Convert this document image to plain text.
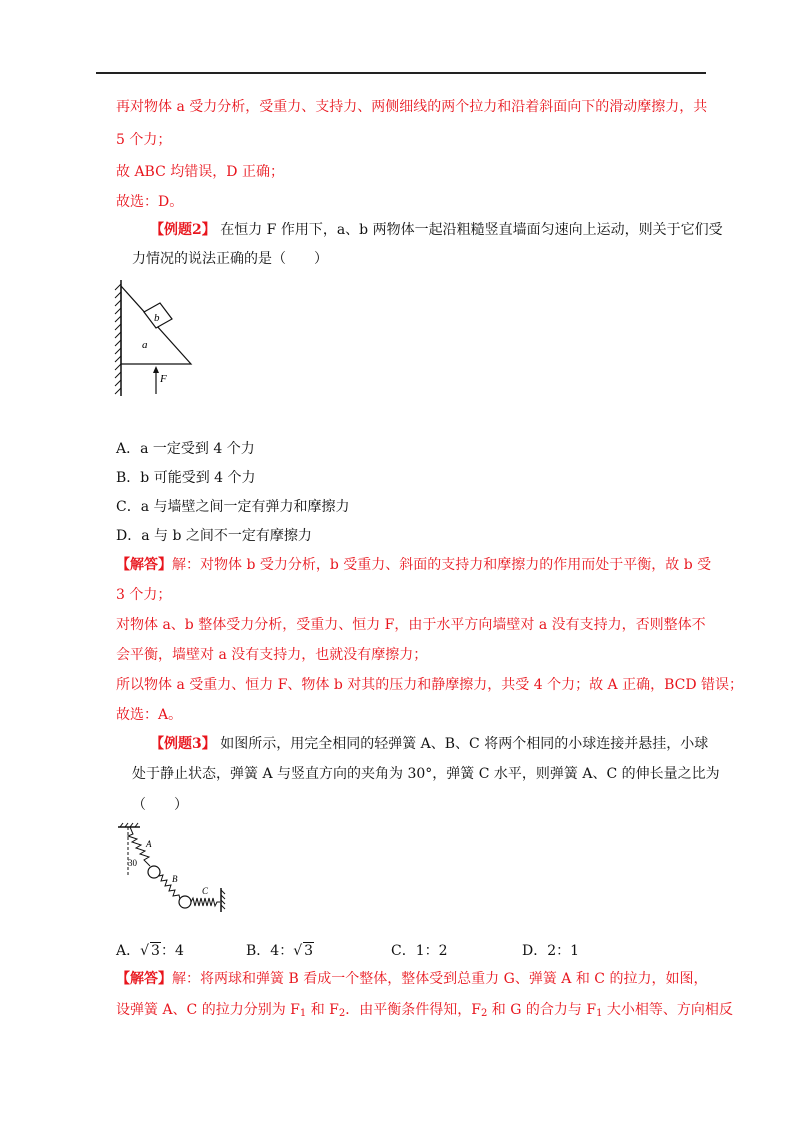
再对物体 a 受力分析，受重力、支持力、两侧细线的两个拉力和沿着斜面向下的滑动摩擦力，共
5 个力；
故 ABC 均错误，D 正确；
故选：D。
【例题2】 在恒力 F 作用下，a、b 两物体一起沿粗糙竖直墙面匀速向上运动，则关于它们受
力情况的说法正确的是（　　）
b
a
F
A．a 一定受到 4 个力
B．b 可能受到 4 个力
C．a 与墙壁之间一定有弹力和摩擦力
D．a 与 b 之间不一定有摩擦力
【解答】解：对物体 b 受力分析，b 受重力、斜面的支持力和摩擦力的作用而处于平衡，故 b 受
3 个力；
对物体 a、b 整体受力分析，受重力、恒力 F，由于水平方向墙壁对 a 没有支持力，否则整体不
会平衡，墙壁对 a 没有支持力，也就没有摩擦力；
所以物体 a 受重力、恒力 F、物体 b 对其的压力和静摩擦力，共受 4 个力；故 A 正确，BCD 错误；
故选：A。
【例题3】 如图所示，用完全相同的轻弹簧 A、B、C 将两个相同的小球连接并悬挂，小球
处于静止状态，弹簧 A 与竖直方向的夹角为 30°，弹簧 C 水平，则弹簧 A、C 的伸长量之比为
（　　）
30
A
B
C
A．√ 3：4	B．4：√ 3	C．1：2	D．2：1
【解答】解：将两球和弹簧 B 看成一个整体，整体受到总重力 G、弹簧 A 和 C 的拉力，如图，
设弹簧 A、C 的拉力分别为 $F_1$ 和 $F_2$．由平衡条件得知，$F_2$ 和 G 的合力与 $F_1$ 大小相等、方向相反
